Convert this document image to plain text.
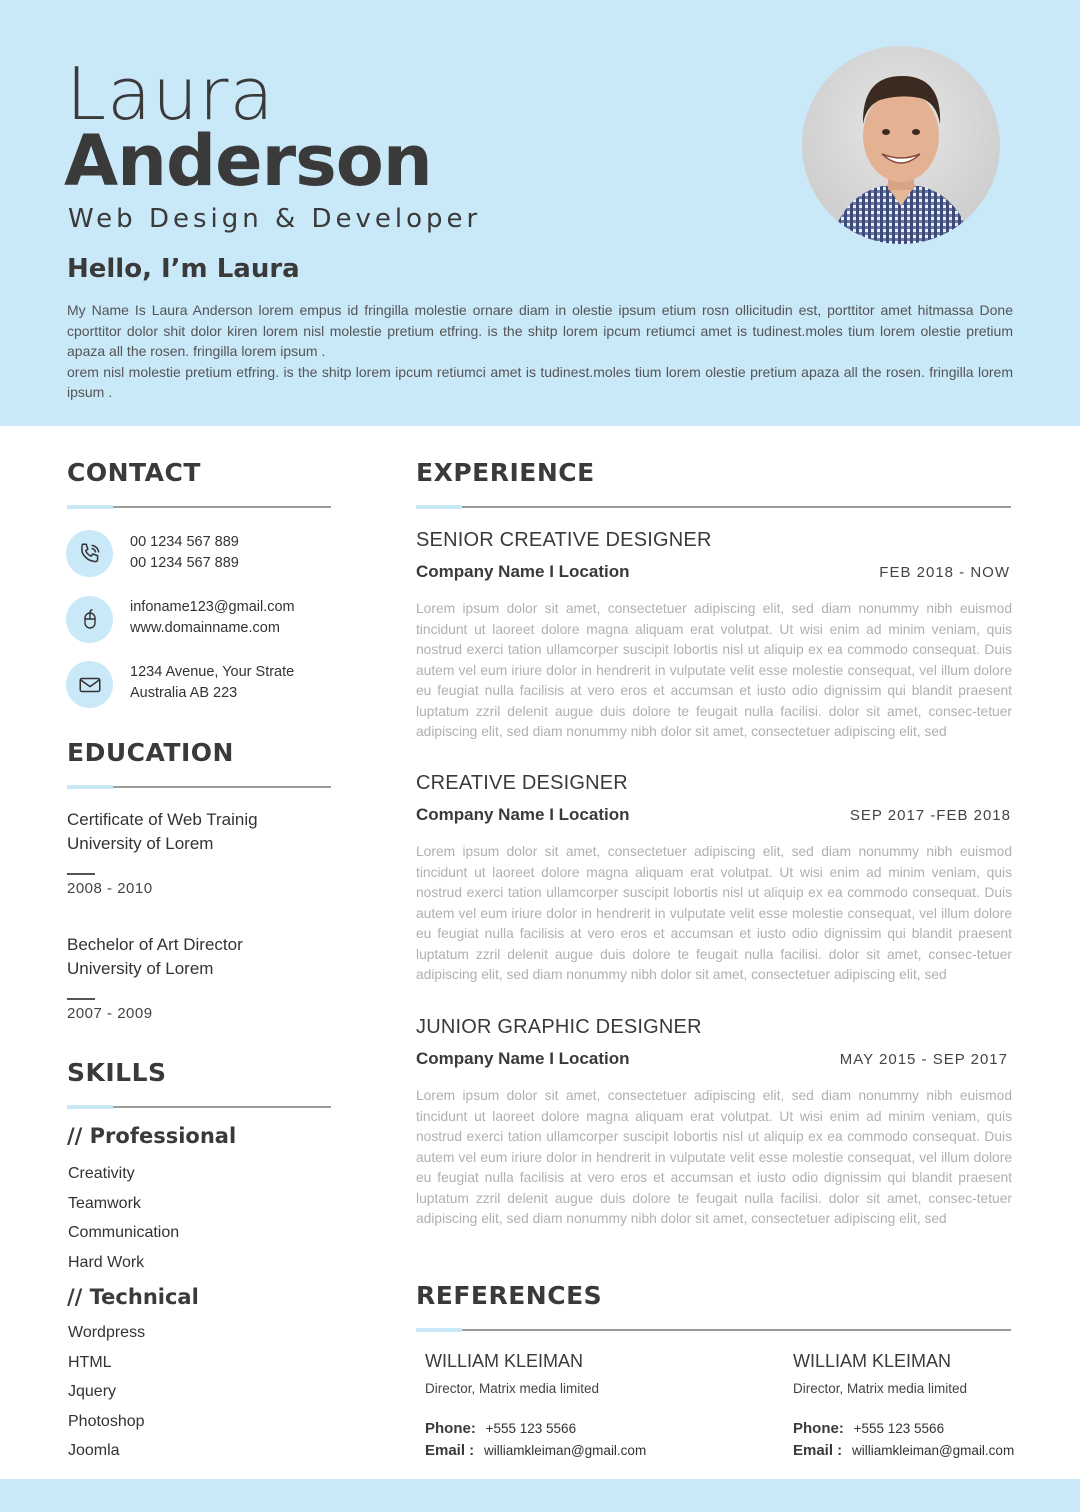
Laura
Anderson
Web Design & Developer
Hello, I’m Laura

My Name Is Laura Anderson lorem empus id fringilla molestie ornare diam in olestie ipsum etium rosn ollicitudin est, porttitor amet hitmassa Done cporttitor dolor shit dolor kiren lorem nisl molestie pretium etfring. is the shitp lorem ipcum retiumci amet is tudinest.moles tium lorem olestie pretium apaza all the rosen. fringilla lorem ipsum .

orem nisl molestie pretium etfring. is the shitp lorem ipcum retiumci amet is tudinest.moles tium lorem olestie pretium apaza all the rosen. fringilla lorem ipsum .

CONTACT
00 1234 567 889
00 1234 567 889
infoname123@gmail.com
www.domainname.com
1234 Avenue, Your Strate
Australia AB 223
EDUCATION
Certificate of Web Trainig
University of Lorem
2008 - 2010
Bechelor of Art Director
University of Lorem
2007 - 2009
SKILLS
// Professional
Creativity
Teamwork
Communication
Hard Work
// Technical
Wordpress
HTML
Jquery
Photoshop
Joomla
EXPERIENCE
SENIOR CREATIVE DESIGNER
Company Name I Location	FEB 2018 - NOW
Lorem ipsum dolor sit amet, consectetuer adipiscing elit, sed diam nonummy nibh euismod tincidunt ut laoreet dolore magna aliquam erat volutpat. Ut wisi enim ad minim veniam, quis nostrud exerci tation ullamcorper suscipit lobortis nisl ut aliquip ex ea commodo consequat. Duis autem vel eum iriure dolor in hendrerit in vulputate velit esse molestie consequat, vel illum dolore eu feugiat nulla facilisis at vero eros et accumsan et iusto odio dignissim qui blandit praesent luptatum zzril delenit augue duis dolore te feugait nulla facilisi. dolor sit amet, consec-tetuer adipiscing elit, sed diam nonummy nibh dolor sit amet, consectetuer adipiscing elit, sed
CREATIVE DESIGNER
Company Name I Location	SEP 2017 -FEB 2018
Lorem ipsum dolor sit amet, consectetuer adipiscing elit, sed diam nonummy nibh euismod tincidunt ut laoreet dolore magna aliquam erat volutpat. Ut wisi enim ad minim veniam, quis nostrud exerci tation ullamcorper suscipit lobortis nisl ut aliquip ex ea commodo consequat. Duis autem vel eum iriure dolor in hendrerit in vulputate velit esse molestie consequat, vel illum dolore eu feugiat nulla facilisis at vero eros et accumsan et iusto odio dignissim qui blandit praesent luptatum zzril delenit augue duis dolore te feugait nulla facilisi. dolor sit amet, consec-tetuer adipiscing elit, sed diam nonummy nibh dolor sit amet, consectetuer adipiscing elit, sed
JUNIOR GRAPHIC DESIGNER
Company Name I Location	MAY 2015 - SEP 2017
Lorem ipsum dolor sit amet, consectetuer adipiscing elit, sed diam nonummy nibh euismod tincidunt ut laoreet dolore magna aliquam erat volutpat. Ut wisi enim ad minim veniam, quis nostrud exerci tation ullamcorper suscipit lobortis nisl ut aliquip ex ea commodo consequat. Duis autem vel eum iriure dolor in hendrerit in vulputate velit esse molestie consequat, vel illum dolore eu feugiat nulla facilisis at vero eros et accumsan et iusto odio dignissim qui blandit praesent luptatum zzril delenit augue duis dolore te feugait nulla facilisi. dolor sit amet, consec-tetuer adipiscing elit, sed diam nonummy nibh dolor sit amet, consectetuer adipiscing elit, sed
REFERENCES
WILLIAM KLEIMAN
Director, Matrix media limited
Phone: +555 123 5566
Email : williamkleiman@gmail.com
WILLIAM KLEIMAN
Director, Matrix media limited
Phone: +555 123 5566
Email : williamkleiman@gmail.com
